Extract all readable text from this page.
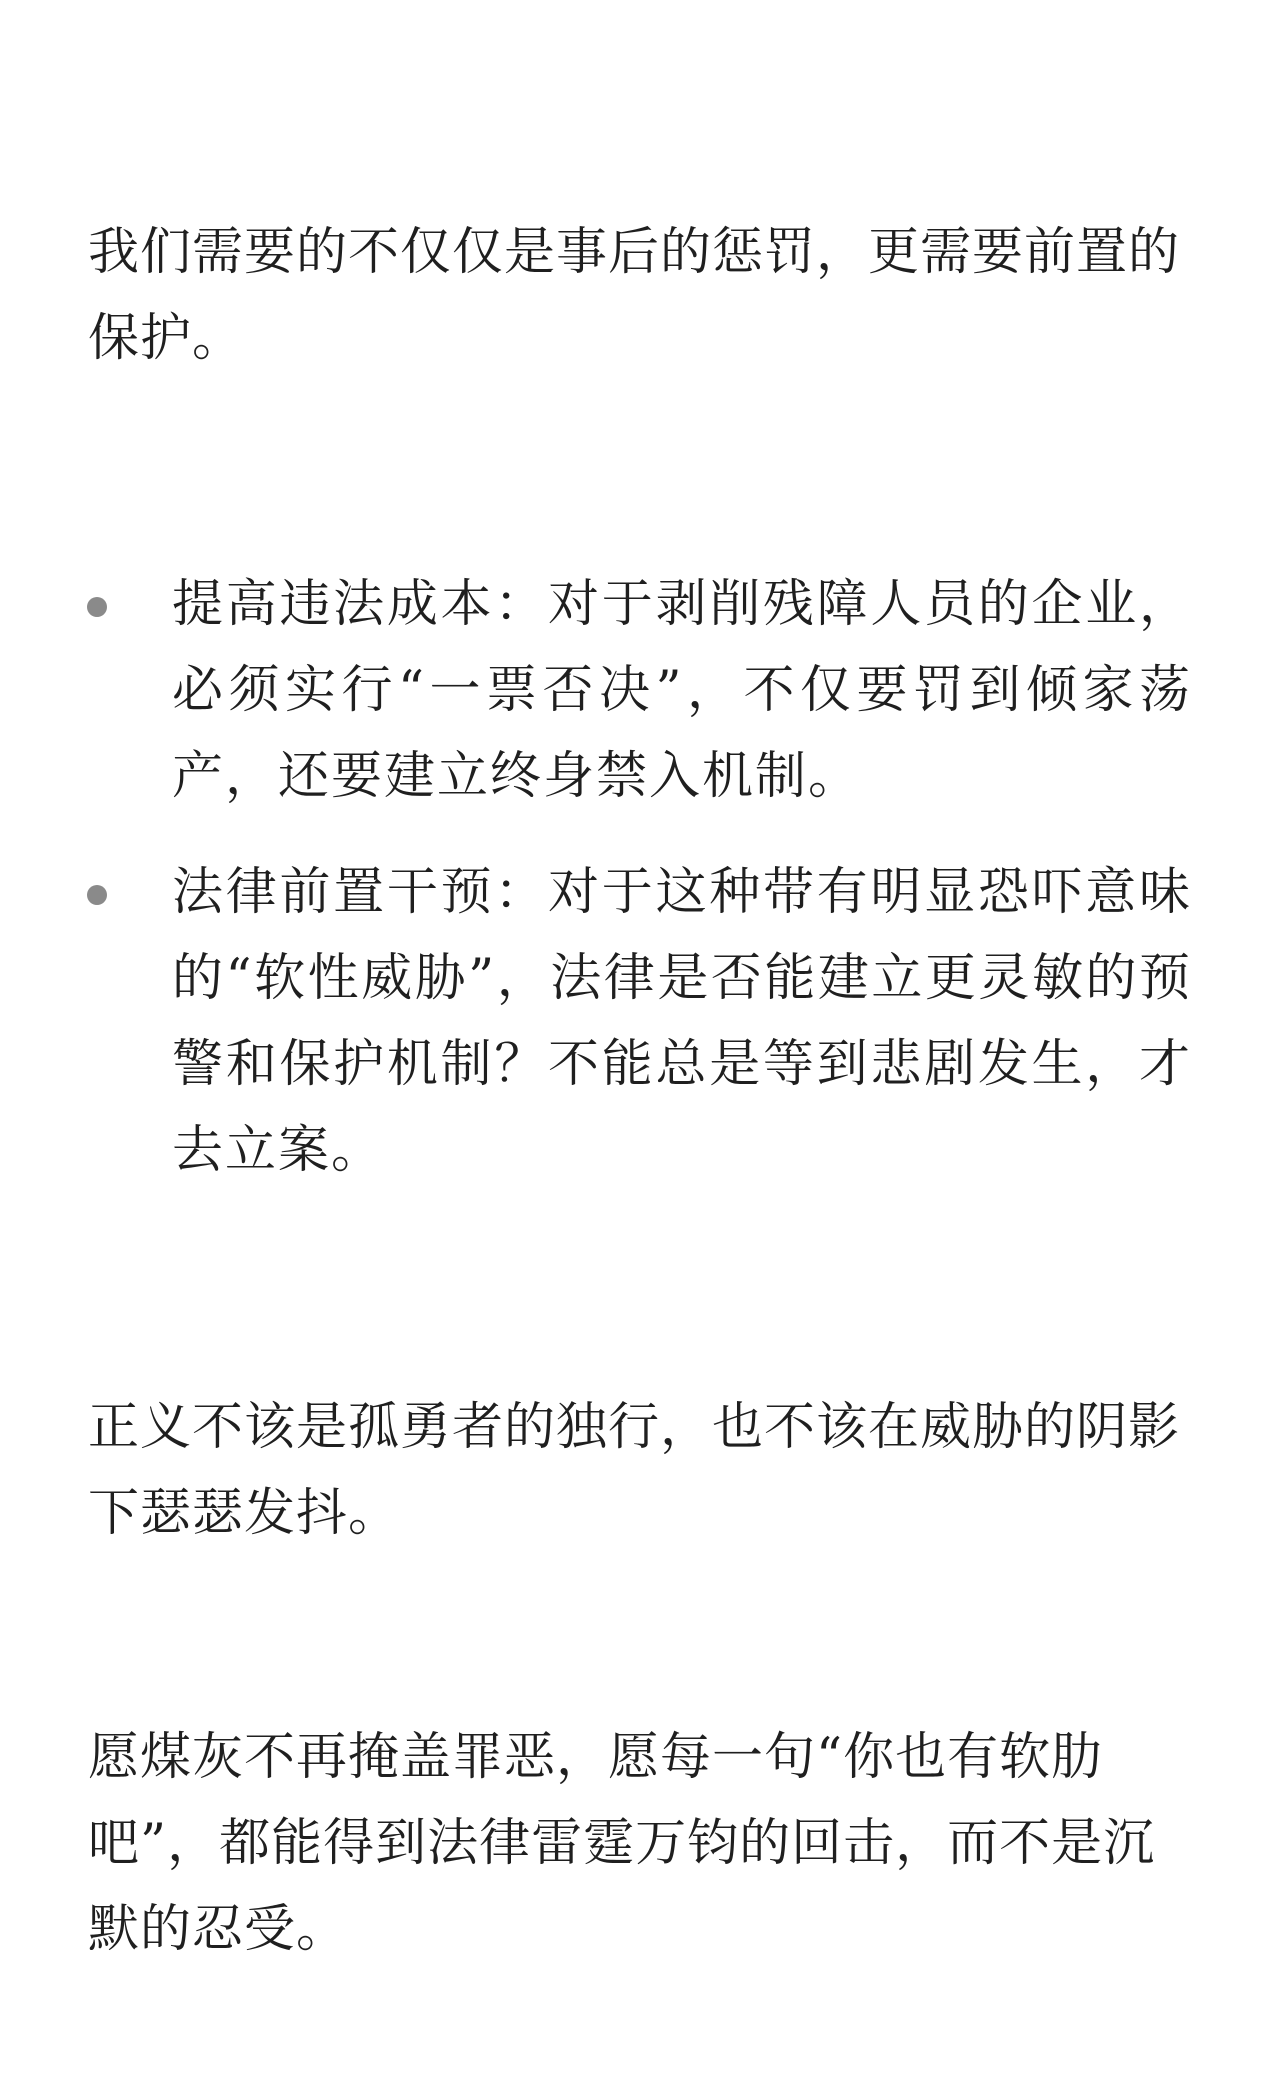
我们需要的不仅仅是事后的惩罚，更需要前置的保护。

提高违法成本：对于剥削残障人员的企业，必须实行“一票否决”，不仅要罚到倾家荡产，还要建立终身禁入机制。
法律前置干预：对于这种带有明显恐吓意味的“软性威胁”，法律是否能建立更灵敏的预警和保护机制？不能总是等到悲剧发生，才去立案。

正义不该是孤勇者的独行，也不该在威胁的阴影下瑟瑟发抖。

愿煤灰不再掩盖罪恶，愿每一句“你也有软肋吧”，都能得到法律雷霆万钧的回击，而不是沉默的忍受。
